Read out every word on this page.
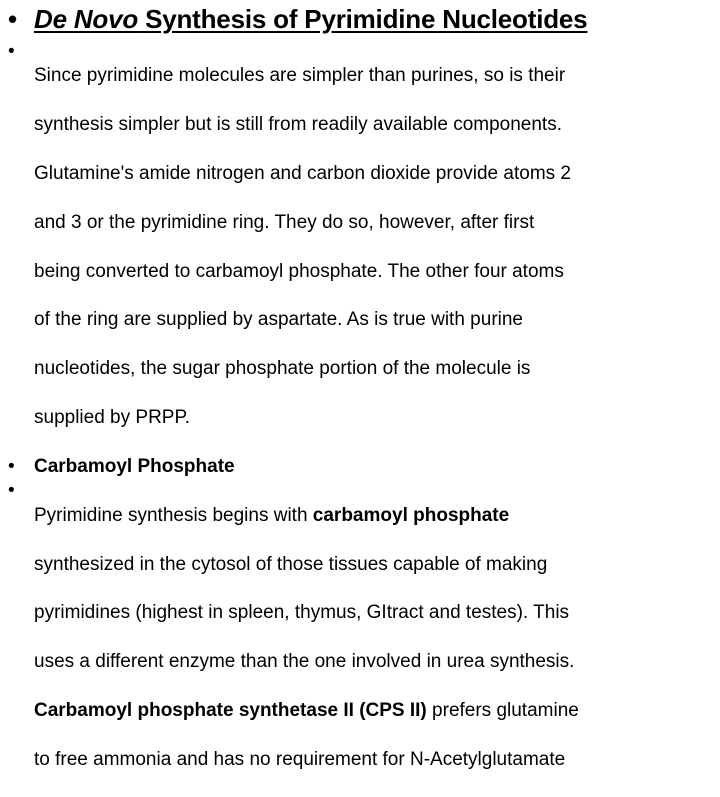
• De Novo Synthesis of Pyrimidine Nucleotides
•

Since pyrimidine molecules are simpler than purines, so is their

synthesis simpler but is still from readily available components.

Glutamine's amide nitrogen and carbon dioxide provide atoms 2

and 3 or the pyrimidine ring. They do so, however, after first

being converted to carbamoyl phosphate. The other four atoms

of the ring are supplied by aspartate. As is true with purine

nucleotides, the sugar phosphate portion of the molecule is

supplied by PRPP.

•	Carbamoyl Phosphate
•

Pyrimidine synthesis begins with carbamoyl phosphate

synthesized in the cytosol of those tissues capable of making

pyrimidines (highest in spleen, thymus, GItract and testes). This

uses a different enzyme than the one involved in urea synthesis.

Carbamoyl phosphate synthetase II (CPS II) prefers glutamine

to free ammonia and has no requirement for N-Acetylglutamate
